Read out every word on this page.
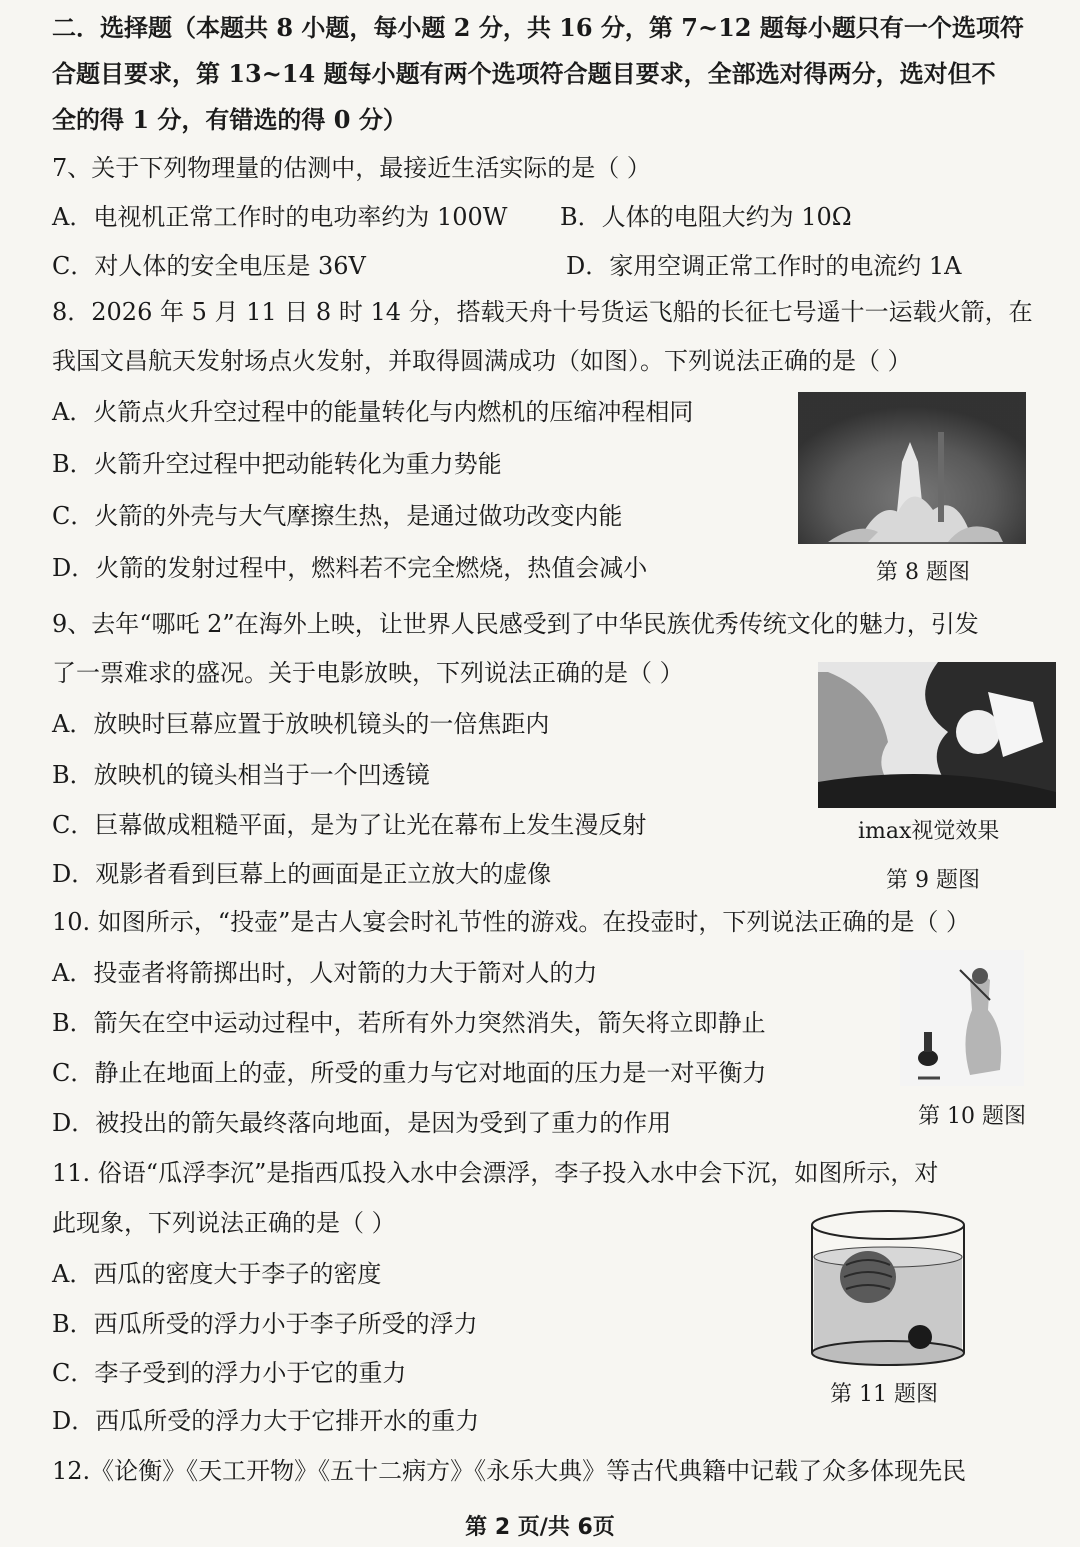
二．选择题（本题共 8 小题，每小题 2 分，共 16 分，第 7~12 题每小题只有一个选项符
合题目要求，第 13~14 题每小题有两个选项符合题目要求，全部选对得两分，选对但不
全的得 1 分，有错选的得 0 分）
7、关于下列物理量的估测中，最接近生活实际的是（ ）
A．电视机正常工作时的电功率约为 100W B．人体的电阻大约为 10Ω
C．对人体的安全电压是 36V	D．家用空调正常工作时的电流约 1A
8．2026 年 5 月 11 日 8 时 14 分，搭载天舟十号货运飞船的长征七号遥十一运载火箭，在
我国文昌航天发射场点火发射，并取得圆满成功（如图）。下列说法正确的是（ ）
A．火箭点火升空过程中的能量转化与内燃机的压缩冲程相同
B．火箭升空过程中把动能转化为重力势能
C．火箭的外壳与大气摩擦生热，是通过做功改变内能
D．火箭的发射过程中，燃料若不完全燃烧，热值会减小	第 8 题图
9、去年“哪吒 2”在海外上映，让世界人民感受到了中华民族优秀传统文化的魅力，引发
了一票难求的盛况。关于电影放映，下列说法正确的是（ ）
A．放映时巨幕应置于放映机镜头的一倍焦距内
B．放映机的镜头相当于一个凹透镜
C．巨幕做成粗糙平面，是为了让光在幕布上发生漫反射
D．观影者看到巨幕上的画面是正立放大的虚像
imax视觉效果
第 9 题图
10. 如图所示，“投壶”是古人宴会时礼节性的游戏。在投壶时，下列说法正确的是（ ）
A．投壶者将箭掷出时，人对箭的力大于箭对人的力
B．箭矢在空中运动过程中，若所有外力突然消失，箭矢将立即静止
C．静止在地面上的壶，所受的重力与它对地面的压力是一对平衡力
D．被投出的箭矢最终落向地面，是因为受到了重力的作用	第 10 题图
11. 俗语“瓜浮李沉”是指西瓜投入水中会漂浮，李子投入水中会下沉，如图所示，对
此现象，下列说法正确的是（ ）
A．西瓜的密度大于李子的密度
B．西瓜所受的浮力小于李子所受的浮力
C．李子受到的浮力小于它的重力
D．西瓜所受的浮力大于它排开水的重力
第 11 题图
12.《论衡》《天工开物》《五十二病方》《永乐大典》等古代典籍中记载了众多体现先民
第 2 页/共 6页
